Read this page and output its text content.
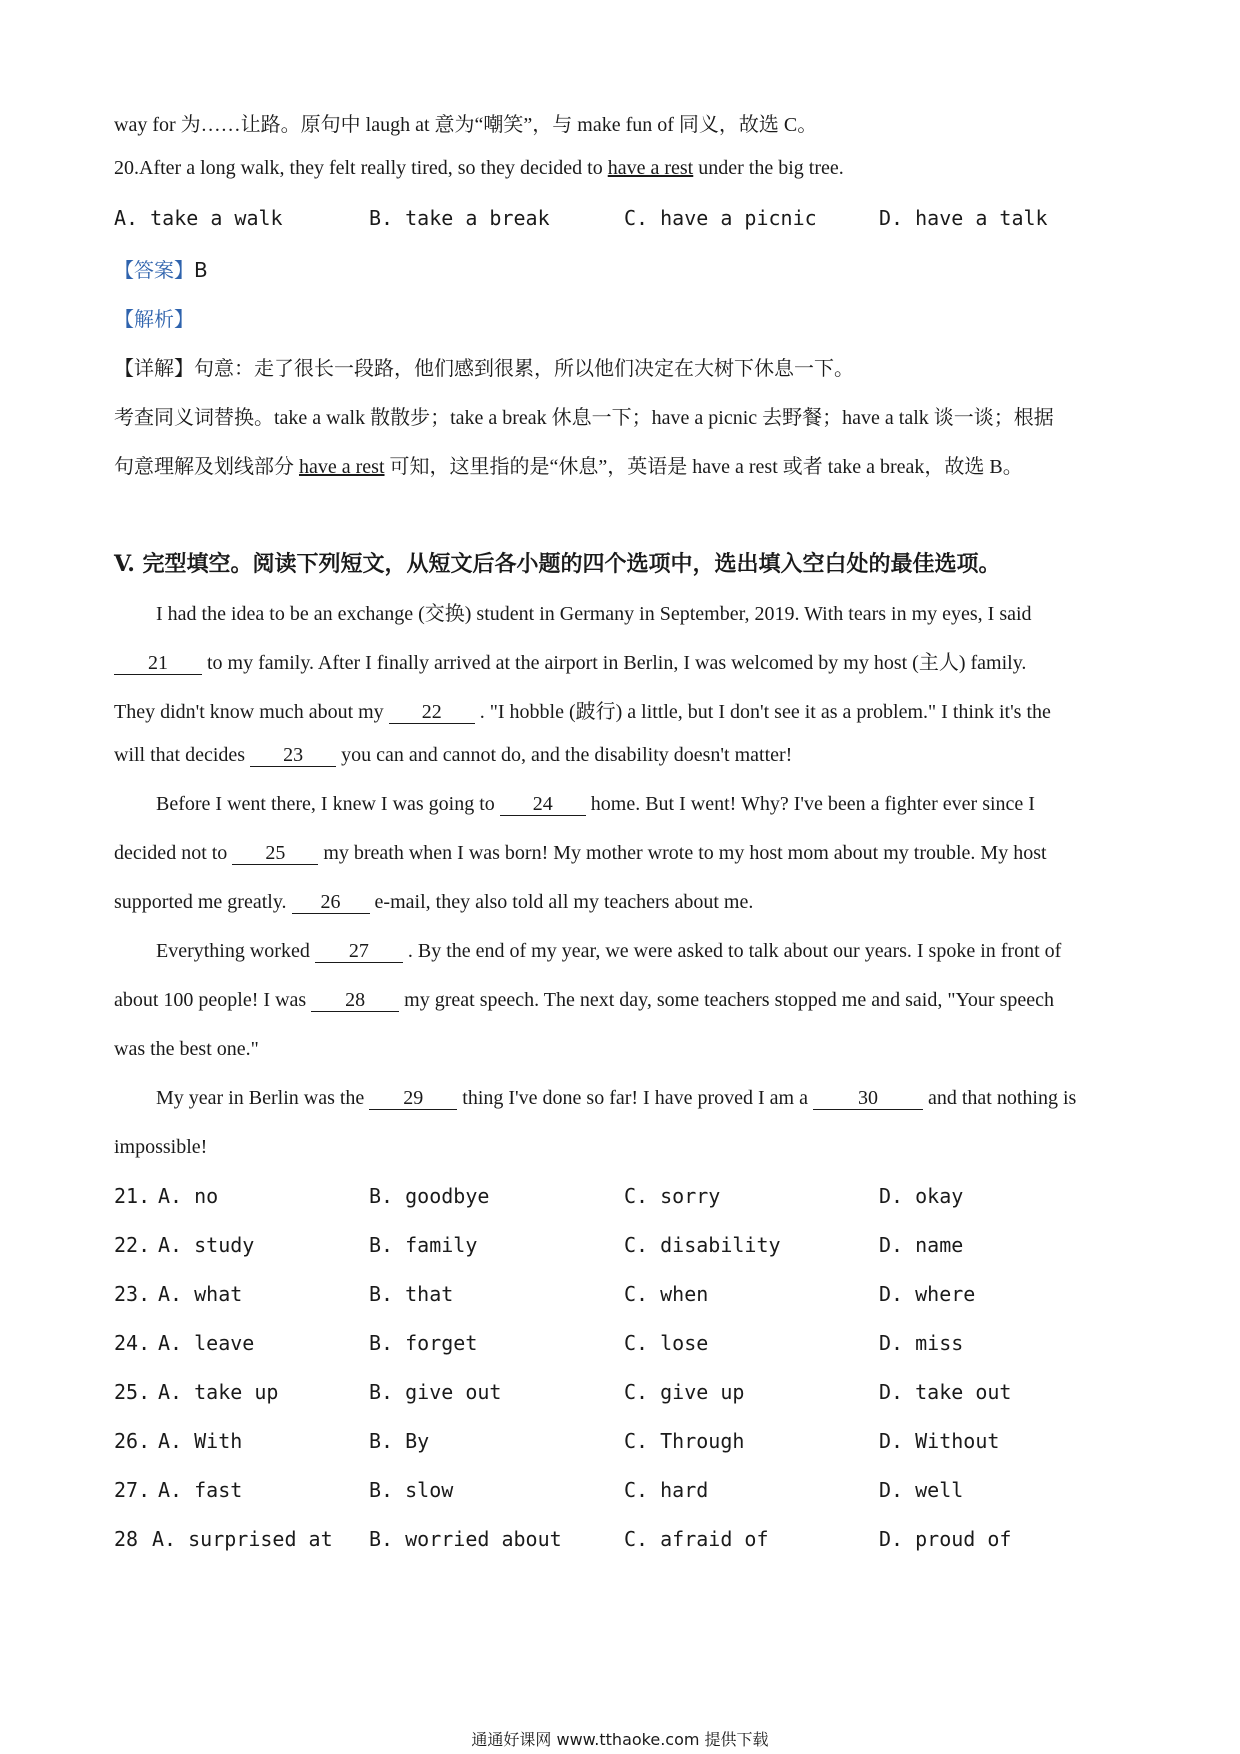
way for 为……让路。原句中 laugh at 意为“嘲笑”，与 make fun of 同义，故选 C。
20.After a long walk, they felt really tired, so they decided to have a rest under the big tree.
A. take a walk	B. take a break	C. have a picnic	D. have a talk
【答案】B
【解析】
【详解】句意：走了很长一段路，他们感到很累，所以他们决定在大树下休息一下。
考查同义词替换。take a walk 散散步；take a break 休息一下；have a picnic 去野餐；have a talk 谈一谈；根据
句意理解及划线部分 have a rest 可知，这里指的是“休息”，英语是 have a rest 或者 take a break，故选 B。
V. 完型填空。阅读下列短文，从短文后各小题的四个选项中，选出填入空白处的最佳选项。
I had the idea to be an exchange (交换) student in Germany in September, 2019. With tears in my eyes, I said
21 to my family. After I finally arrived at the airport in Berlin, I was welcomed by my host (主人) family.
They didn't know much about my 22 . "I hobble (跛行) a little, but I don't see it as a problem." I think it's the
will that decides 23 you can and cannot do, and the disability doesn't matter!
Before I went there, I knew I was going to 24 home. But I went! Why? I've been a fighter ever since I
decided not to 25 my breath when I was born! My mother wrote to my host mom about my trouble. My host
supported me greatly. 26 e-mail, they also told all my teachers about me.
Everything worked 27 . By the end of my year, we were asked to talk about our years. I spoke in front of
about 100 people! I was 28 my great speech. The next day, some teachers stopped me and said, "Your speech
was the best one."
My year in Berlin was the 29 thing I've done so far! I have proved I am a 30 and that nothing is
impossible!
21. A. no	B. goodbye	C. sorry	D. okay
22. A. study	B. family	C. disability	D. name
23. A. what	B. that	C. when	D. where
24. A. leave	B. forget	C. lose	D. miss
25. A. take up	B. give out	C. give up	D. take out
26. A. With	B. By	C. Through	D. Without
27. A. fast	B. slow	C. hard	D. well
28 A. surprised at B. worried about	C. afraid of	D. proud of
通通好课网 www.tthaoke.com 提供下载
